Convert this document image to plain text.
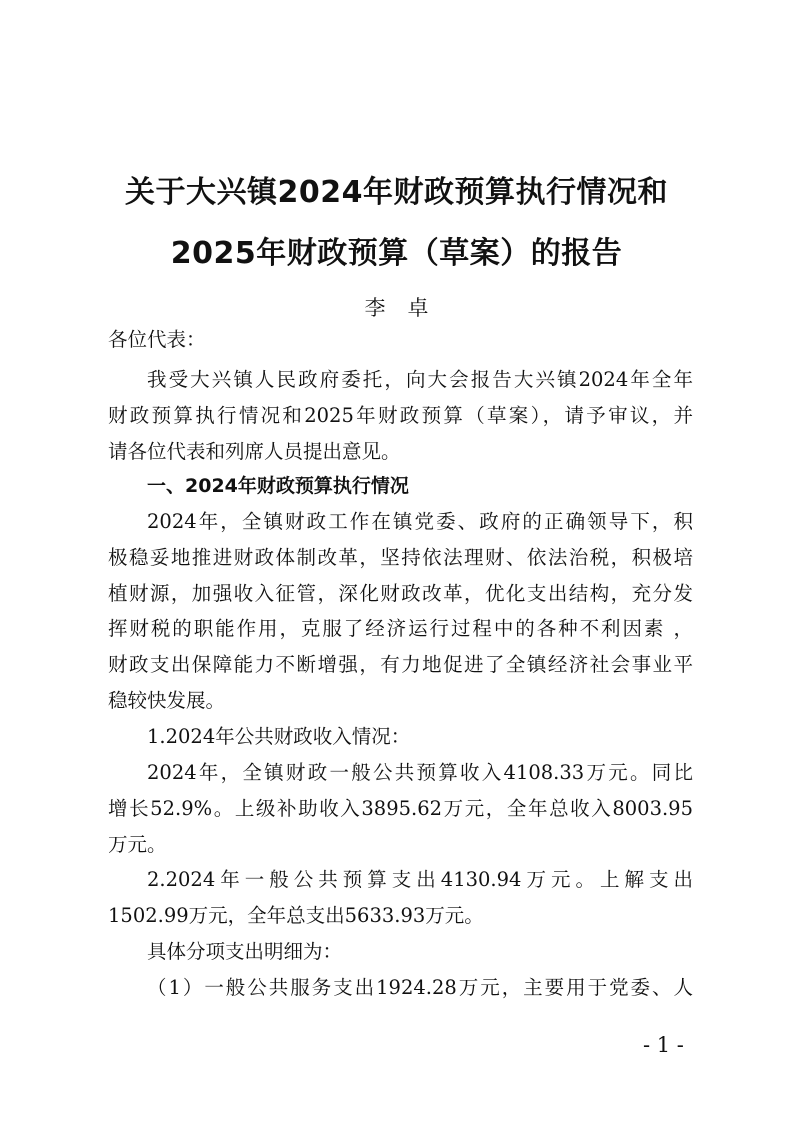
关于大兴镇2024年财政预算执行情况和
2025年财政预算（草案）的报告
李卓
各位代表：
我受大兴镇人民政府委托，向大会报告大兴镇2024年全年
财政预算执行情况和2025年财政预算（草案），请予审议，并
请各位代表和列席人员提出意见。
一、2024年财政预算执行情况
2024年，全镇财政工作在镇党委、政府的正确领导下，积
极稳妥地推进财政体制改革，坚持依法理财、依法治税，积极培
植财源，加强收入征管，深化财政改革，优化支出结构，充分发
挥财税的职能作用，克服了经济运行过程中的各种不利因素 ，
财政支出保障能力不断增强，有力地促进了全镇经济社会事业平
稳较快发展。
1.2024年公共财政收入情况：
2024年，全镇财政一般公共预算收入4108.33万元。同比
增长52.9%。上级补助收入3895.62万元，全年总收入8003.95
万元。
2.2024年一般公共预算支出4130.94万元。上解支出
1502.99万元，全年总支出5633.93万元。
具体分项支出明细为：
（1）一般公共服务支出1924.28万元，主要用于党委、人
- 1 -
